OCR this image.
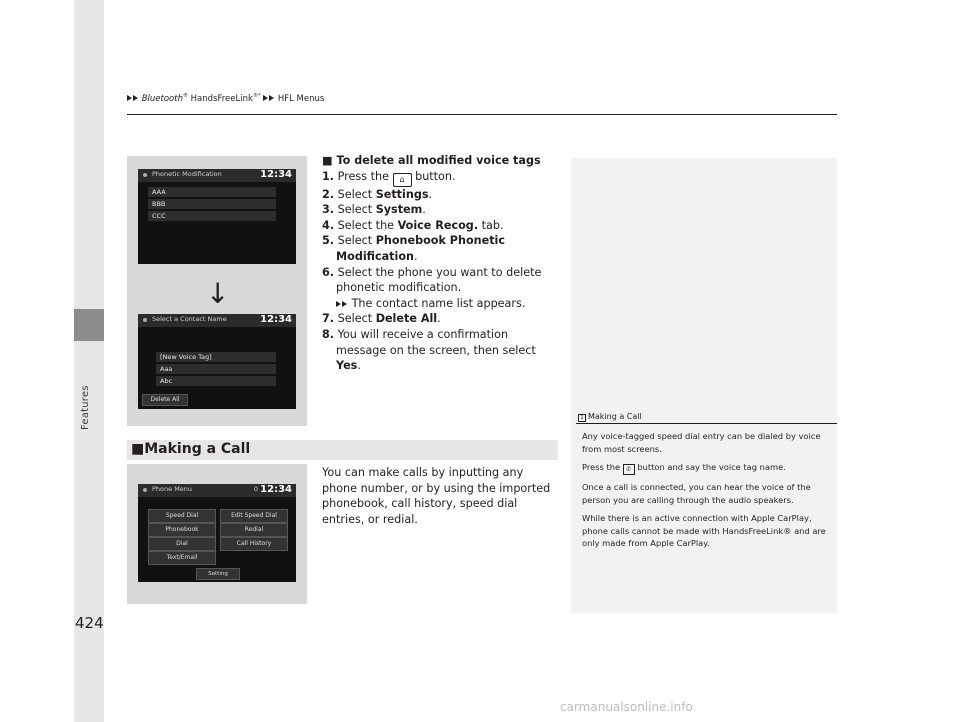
Features
424
Bluetooth® HandsFreeLink®* HFL Menus
Phonetic Modification	12:34
AAA
BBB
CCC
↓
Select a Contact Name	12:34
[New Voice Tag]
Aaa
Abc
Delete All
■ To delete all modified voice tags
1. Press the ⌂ button.
2. Select Settings.
3. Select System.
4. Select the Voice Recog. tab.
5. Select Phonebook Phonetic Modification.
6. Select the phone you want to delete phonetic modification.
The contact name list appears.
7. Select Delete All.
8. You will receive a confirmation message on the screen, then select Yes.
■Making a Call
Phone Menu	0 12:34
Speed Dial	Edit Speed Dial
Phonebook	Redial
Dial	Call History
Text/Email
Setting
You can make calls by inputting any phone number, or by using the imported phonebook, call history, speed dial entries, or redial.
1 Making a Call

Any voice-tagged speed dial entry can be dialed by voice from most screens.

Press the ✆ button and say the voice tag name.

Once a call is connected, you can hear the voice of the person you are calling through the audio speakers.

While there is an active connection with Apple CarPlay, phone calls cannot be made with HandsFreeLink® and are only made from Apple CarPlay.

carmanualsonline.info
